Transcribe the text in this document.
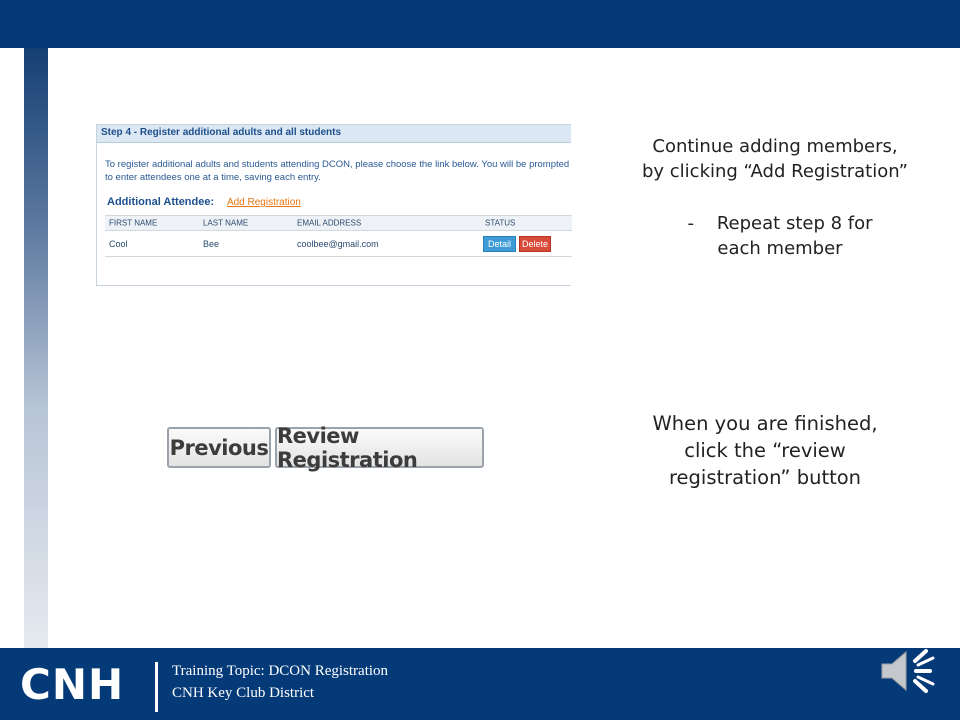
Step 4 - Register additional adults and all students
To register additional adults and students attending DCON, please choose the link below. You will be prompted to enter attendees one at a time, saving each entry.
Additional Attendee: Add Registration
FIRST NAME	LAST NAME	EMAIL ADDRESS	STATUS
Cool	Bee	coolbee@gmail.com	Detail	Delete
Previous Review Registration
Continue adding members,
by clicking “Add Registration”
- Repeat step 8 for
each member
When you are finished,
click the “review
registration” button
CNH	Training Topic: DCON Registration
CNH Key Club District
